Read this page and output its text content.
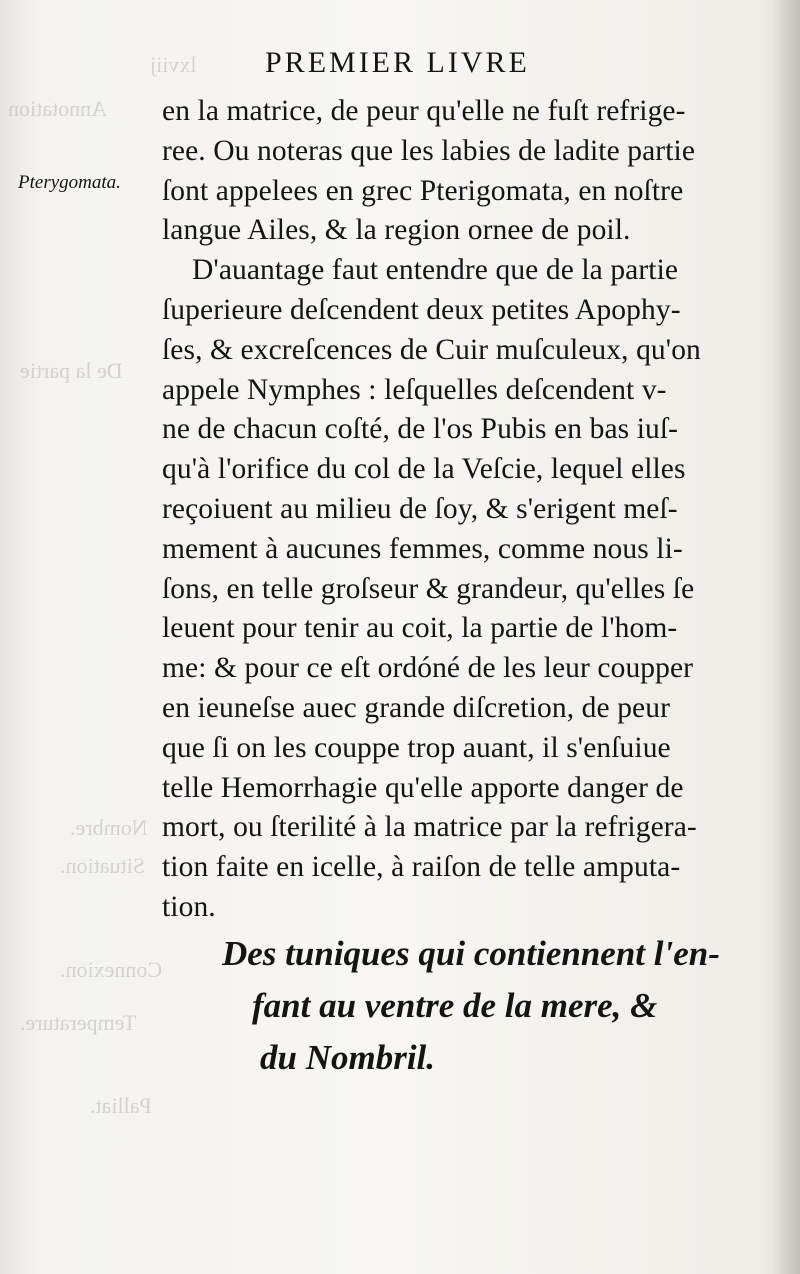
lxviij
Annotation
De la partie
Nombre.
Situation.
Connexion.
Temperature.
Palliat.
PREMIER LIVRE
Pterygomata.
en la matrice, de peur qu'elle ne fuſt refrige-
ree. Ou noteras que les labies de ladite partie
ſont appelees en grec Pterigomata, en noſtre
langue Ailes, & la region ornee de poil.
D'auantage faut entendre que de la partie
ſuperieure deſcendent deux petites Apophy-
ſes, & excreſcences de Cuir muſculeux, qu'on
appele Nymphes : leſquelles deſcendent v-
ne de chacun coſté, de l'os Pubis en bas iuſ-
qu'à l'orifice du col de la Veſcie, lequel elles
reçoiuent au milieu de ſoy, & s'erigent meſ-
mement à aucunes femmes, comme nous li-
ſons, en telle groſseur & grandeur, qu'elles ſe
leuent pour tenir au coit, la partie de l'hom-
me: & pour ce eſt ordóné de les leur coupper
en ieuneſse auec grande diſcretion, de peur
que ſi on les couppe trop auant, il s'enſuiue
telle Hemorrhagie qu'elle apporte danger de
mort, ou ſterilité à la matrice par la refrigera-
tion faite en icelle, à raiſon de telle amputa-
tion.
Des tuniques qui contiennent l'en-
fant au ventre de la mere, &
du Nombril.
